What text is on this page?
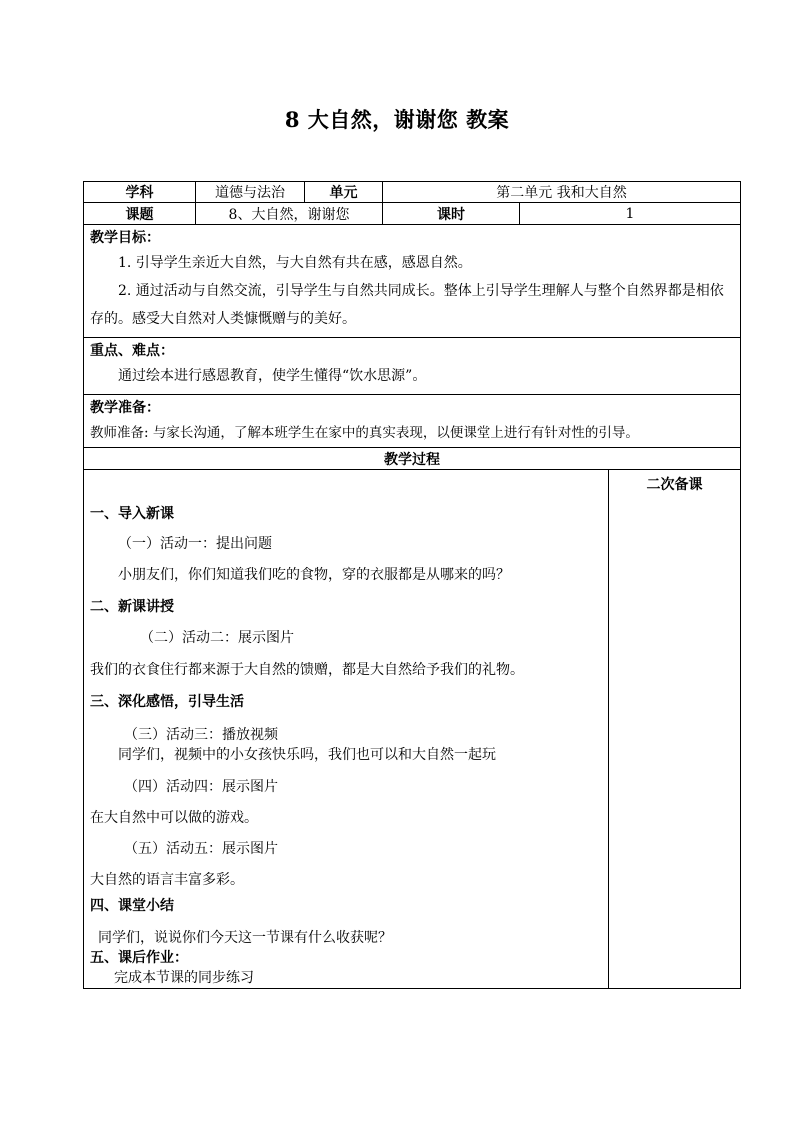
8 大自然，谢谢您 教案
学科	道德与法治	单元	第二单元 我和大自然
课题	8、大自然，谢谢您	课时	1
教学目标：
1. 引导学生亲近大自然，与大自然有共在感，感恩自然。
2. 通过活动与自然交流，引导学生与自然共同成长。整体上引导学生理解人与整个自然界都是相依存的。感受大自然对人类慷慨赠与的美好。
重点、难点：
通过绘本进行感恩教育，使学生懂得“饮水思源”。
教学准备：
教师准备: 与家长沟通，了解本班学生在家中的真实表现，以便课堂上进行有针对性的引导。
教学过程
一、导入新课
（一）活动一：提出问题
小朋友们，你们知道我们吃的食物，穿的衣服都是从哪来的吗？
二、新课讲授
（二）活动二：展示图片
我们的衣食住行都来源于大自然的馈赠，都是大自然给予我们的礼物。
三、深化感悟，引导生活
（三）活动三：播放视频
同学们，视频中的小女孩快乐吗，我们也可以和大自然一起玩
（四）活动四：展示图片
在大自然中可以做的游戏。
（五）活动五：展示图片
大自然的语言丰富多彩。
四、课堂小结
同学们，说说你们今天这一节课有什么收获呢？
五、课后作业：
完成本节课的同步练习
二次备课
